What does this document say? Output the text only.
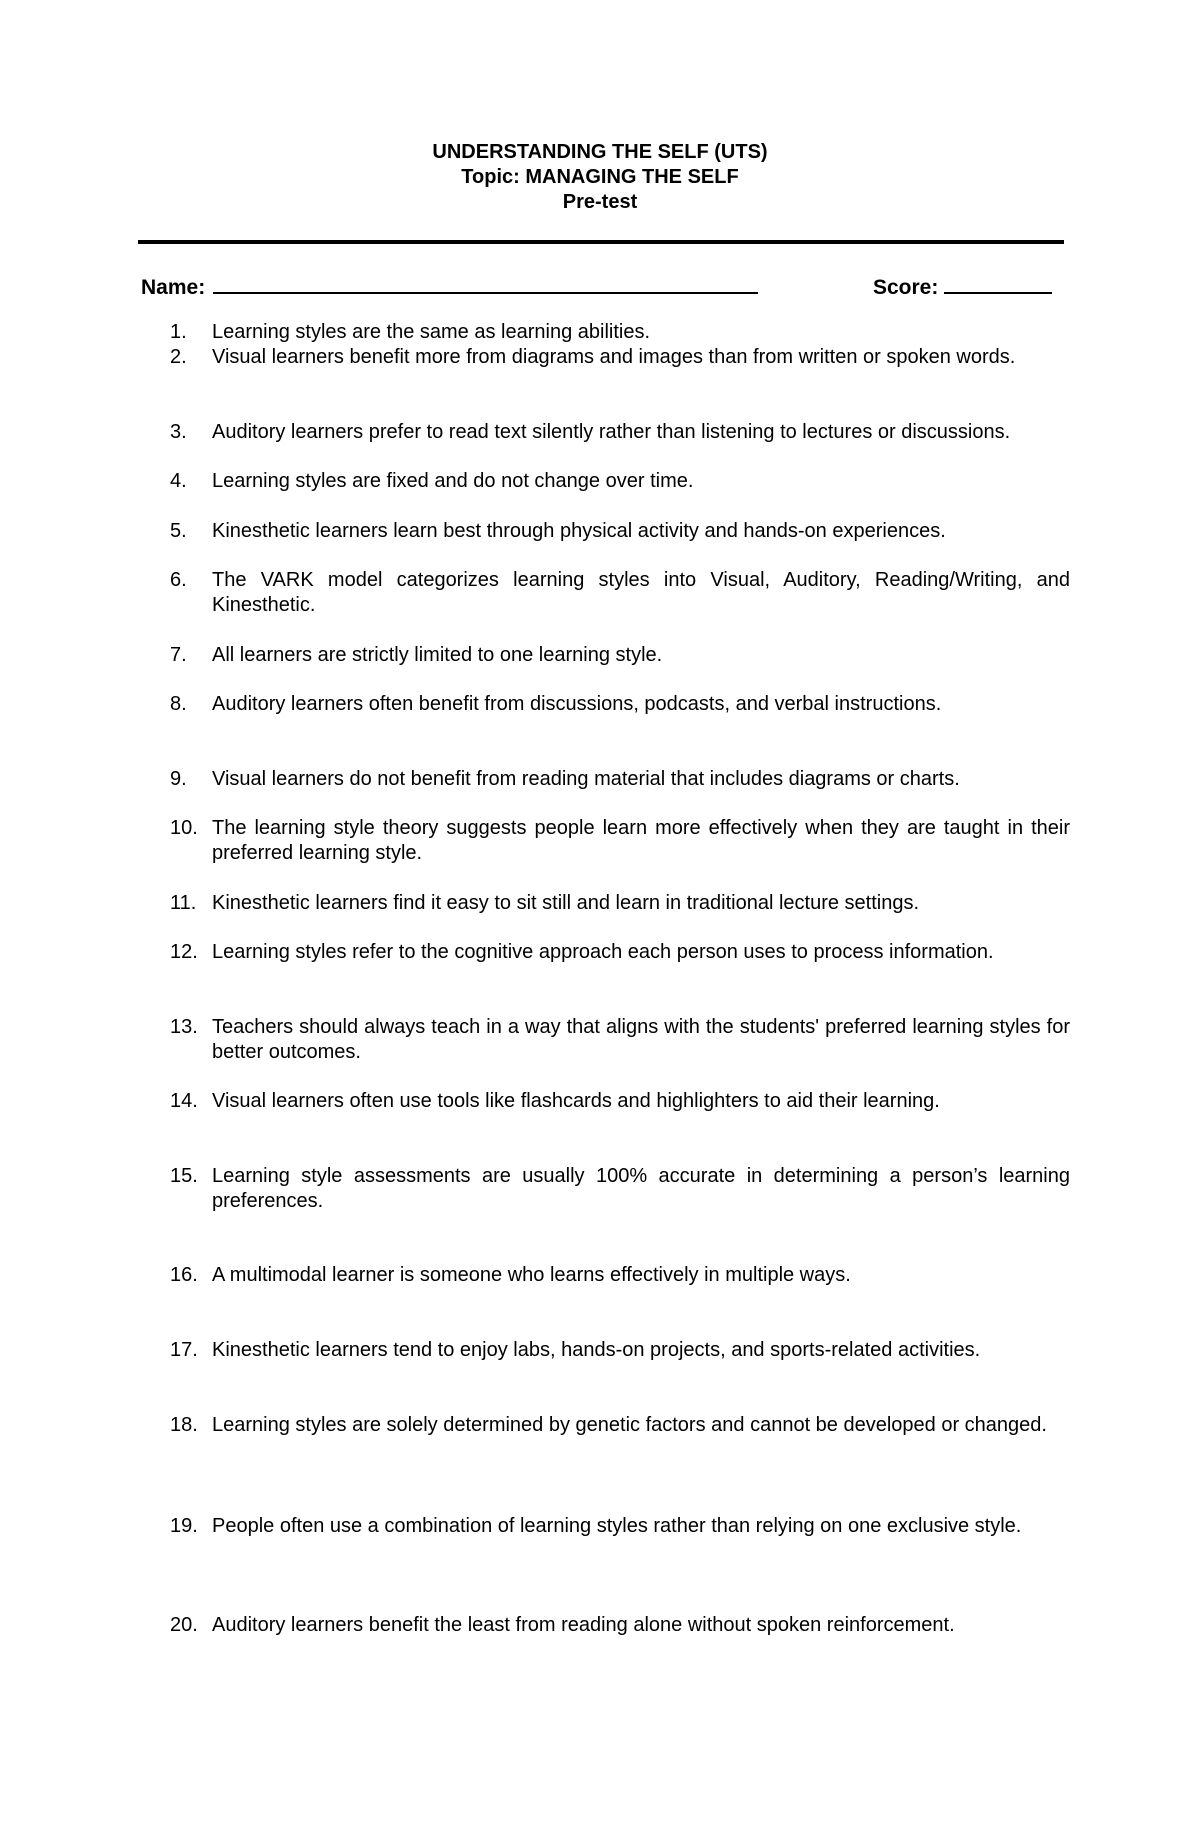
UNDERSTANDING THE SELF (UTS)
Topic: MANAGING THE SELF
Pre-test
Name:	Score:
1.	Learning styles are the same as learning abilities.
2.	Visual learners benefit more from diagrams and images than from written or spoken words.
3.	Auditory learners prefer to read text silently rather than listening to lectures or discussions.
4.	Learning styles are fixed and do not change over time.
5.	Kinesthetic learners learn best through physical activity and hands-on experiences.
6.	The VARK model categorizes learning styles into Visual, Auditory, Reading/Writing, and Kinesthetic.
7.	All learners are strictly limited to one learning style.
8.	Auditory learners often benefit from discussions, podcasts, and verbal instructions.
9.	Visual learners do not benefit from reading material that includes diagrams or charts.
10. The learning style theory suggests people learn more effectively when they are taught in their preferred learning style.
11. Kinesthetic learners find it easy to sit still and learn in traditional lecture settings.
12. Learning styles refer to the cognitive approach each person uses to process information.
13. Teachers should always teach in a way that aligns with the students' preferred learning styles for better outcomes.
14. Visual learners often use tools like flashcards and highlighters to aid their learning.
15. Learning style assessments are usually 100% accurate in determining a person’s learning preferences.
16. A multimodal learner is someone who learns effectively in multiple ways.
17. Kinesthetic learners tend to enjoy labs, hands-on projects, and sports-related activities.
18. Learning styles are solely determined by genetic factors and cannot be developed or changed.
19. People often use a combination of learning styles rather than relying on one exclusive style.
20. Auditory learners benefit the least from reading alone without spoken reinforcement.
